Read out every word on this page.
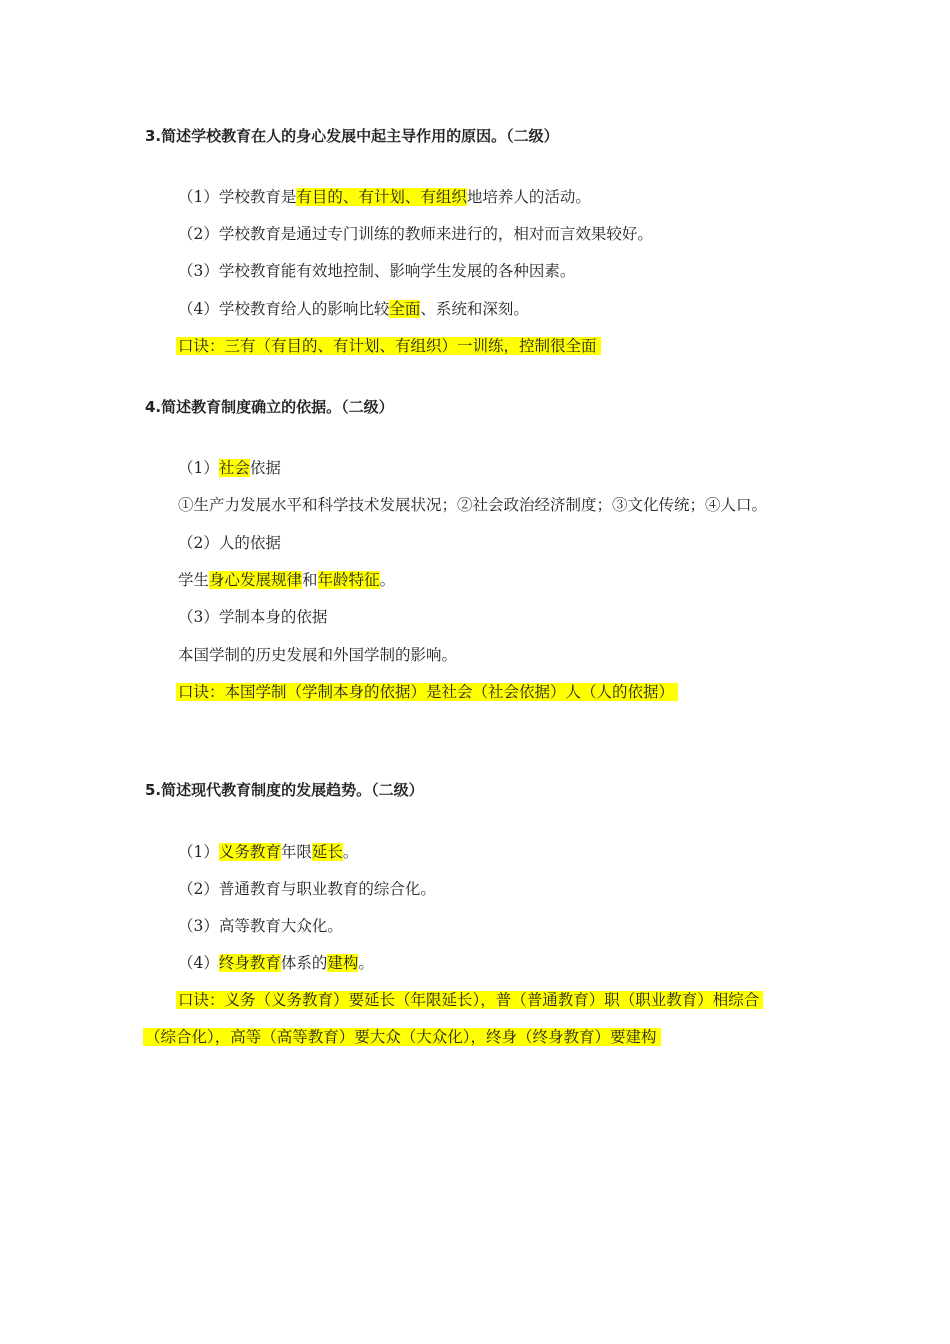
3.简述学校教育在人的身心发展中起主导作用的原因。（二级）
（1）学校教育是有目的、有计划、有组织地培养人的活动。
（2）学校教育是通过专门训练的教师来进行的，相对而言效果较好。
（3）学校教育能有效地控制、影响学生发展的各种因素。
（4）学校教育给人的影响比较全面、系统和深刻。
口诀：三有（有目的、有计划、有组织）一训练，控制很全面
4.简述教育制度确立的依据。（二级）
（1）社会依据
①生产力发展水平和科学技术发展状况；②社会政治经济制度；③文化传统；④人口。
（2）人的依据
学生身心发展规律和年龄特征。
（3）学制本身的依据
本国学制的历史发展和外国学制的影响。
口诀：本国学制（学制本身的依据）是社会（社会依据）人（人的依据）
5.简述现代教育制度的发展趋势。（二级）
（1）义务教育年限延长。
（2）普通教育与职业教育的综合化。
（3）高等教育大众化。
（4）终身教育体系的建构。
口诀：义务（义务教育）要延长（年限延长），普（普通教育）职（职业教育）相综合
（综合化），高等（高等教育）要大众（大众化），终身（终身教育）要建构
